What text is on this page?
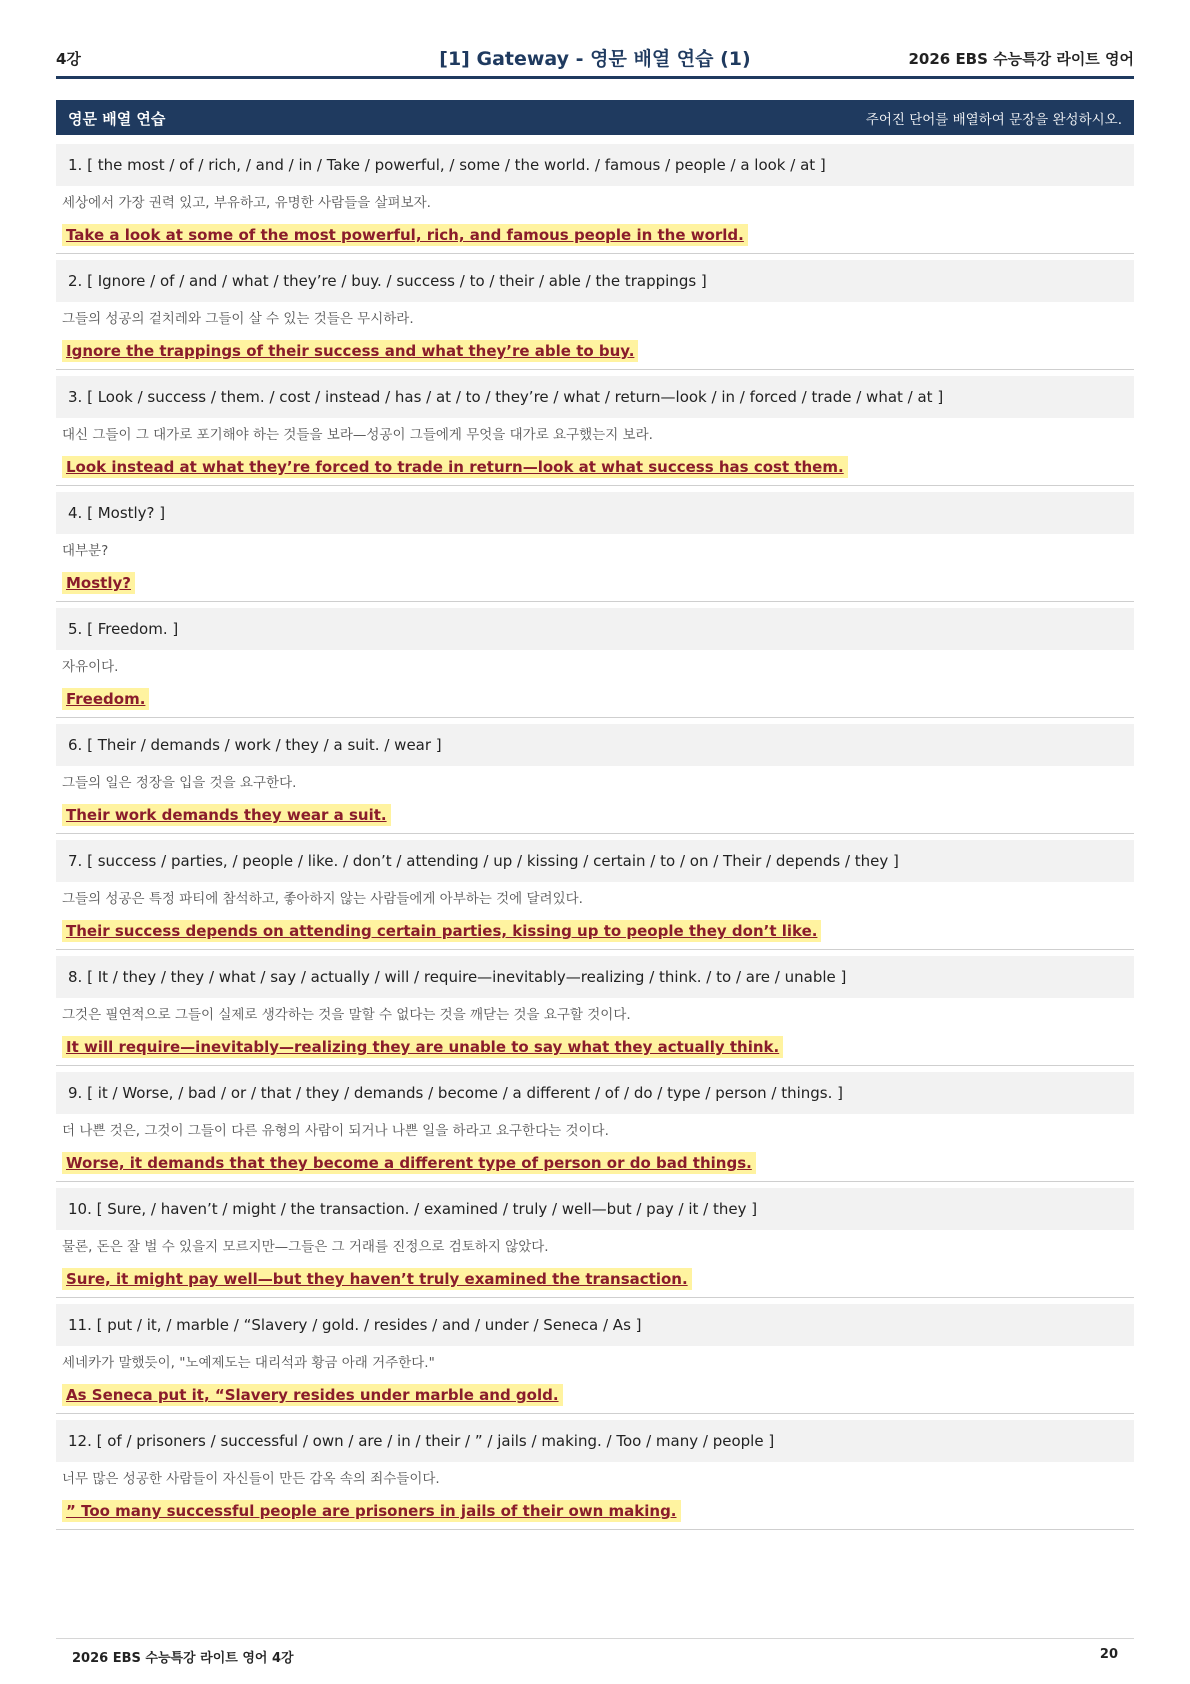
4강	[1] Gateway - 영문 배열 연습 (1)	2026 EBS 수능특강 라이트 영어
영문 배열 연습	주어진 단어를 배열하여 문장을 완성하시오.
1. [ the most / of / rich, / and / in / Take / powerful, / some / the world. / famous / people / a look / at ]
세상에서 가장 권력 있고, 부유하고, 유명한 사람들을 살펴보자.
Take a look at some of the most powerful, rich, and famous people in the world.
2. [ Ignore / of / and / what / they’re / buy. / success / to / their / able / the trappings ]
그들의 성공의 겉치레와 그들이 살 수 있는 것들은 무시하라.
Ignore the trappings of their success and what they’re able to buy.
3. [ Look / success / them. / cost / instead / has / at / to / they’re / what / return—look / in / forced / trade / what / at ]
대신 그들이 그 대가로 포기해야 하는 것들을 보라—성공이 그들에게 무엇을 대가로 요구했는지 보라.
Look instead at what they’re forced to trade in return—look at what success has cost them.
4. [ Mostly? ]
대부분?
Mostly?
5. [ Freedom. ]
자유이다.
Freedom.
6. [ Their / demands / work / they / a suit. / wear ]
그들의 일은 정장을 입을 것을 요구한다.
Their work demands they wear a suit.
7. [ success / parties, / people / like. / don’t / attending / up / kissing / certain / to / on / Their / depends / they ]
그들의 성공은 특정 파티에 참석하고, 좋아하지 않는 사람들에게 아부하는 것에 달려있다.
Their success depends on attending certain parties, kissing up to people they don’t like.
8. [ It / they / they / what / say / actually / will / require—inevitably—realizing / think. / to / are / unable ]
그것은 필연적으로 그들이 실제로 생각하는 것을 말할 수 없다는 것을 깨닫는 것을 요구할 것이다.
It will require—inevitably—realizing they are unable to say what they actually think.
9. [ it / Worse, / bad / or / that / they / demands / become / a different / of / do / type / person / things. ]
더 나쁜 것은, 그것이 그들이 다른 유형의 사람이 되거나 나쁜 일을 하라고 요구한다는 것이다.
Worse, it demands that they become a different type of person or do bad things.
10. [ Sure, / haven’t / might / the transaction. / examined / truly / well—but / pay / it / they ]
물론, 돈은 잘 벌 수 있을지 모르지만—그들은 그 거래를 진정으로 검토하지 않았다.
Sure, it might pay well—but they haven’t truly examined the transaction.
11. [ put / it, / marble / “Slavery / gold. / resides / and / under / Seneca / As ]
세네카가 말했듯이, "노예제도는 대리석과 황금 아래 거주한다."
As Seneca put it, “Slavery resides under marble and gold.
12. [ of / prisoners / successful / own / are / in / their / ” / jails / making. / Too / many / people ]
너무 많은 성공한 사람들이 자신들이 만든 감옥 속의 죄수들이다.
” Too many successful people are prisoners in jails of their own making.
2026 EBS 수능특강 라이트 영어 4강	20
